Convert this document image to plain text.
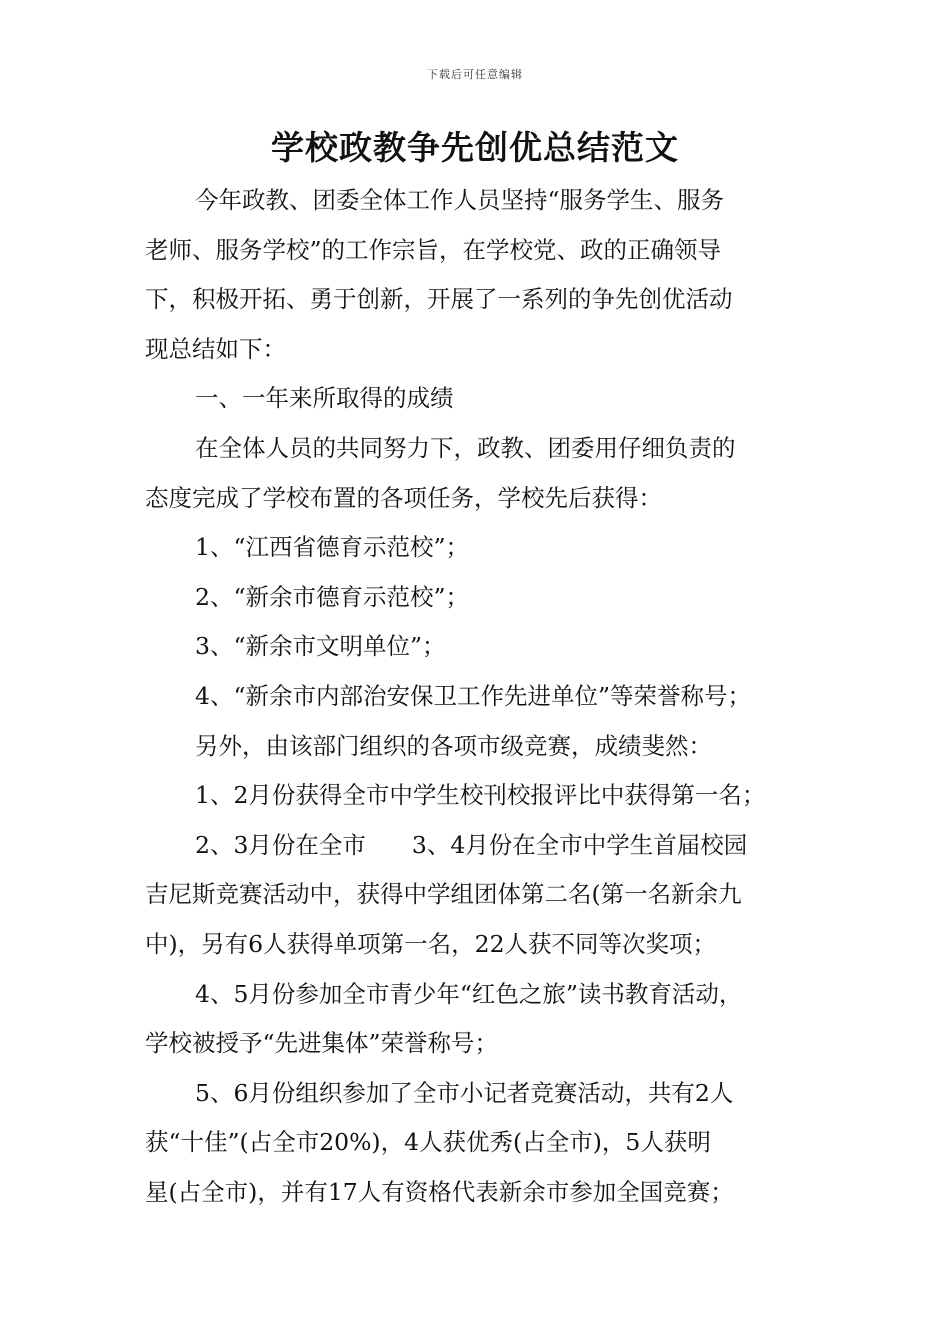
下载后可任意编辑
学校政教争先创优总结范文

今年政教、团委全体工作人员坚持“服务学生、服务

老师、服务学校”的工作宗旨，在学校党、政的正确领导

下，积极开拓、勇于创新，开展了一系列的争先创优活动

现总结如下：

一、一年来所取得的成绩

在全体人员的共同努力下，政教、团委用仔细负责的

态度完成了学校布置的各项任务，学校先后获得：

1、“江西省德育示范校”；

2、“新余市德育示范校”；

3、“新余市文明单位”；

4、“新余市内部治安保卫工作先进单位”等荣誉称号；

另外，由该部门组织的各项市级竞赛，成绩斐然：

1、2月份获得全市中学生校刊校报评比中获得第一名；

2、3月份在全市 3、4月份在全市中学生首届校园

吉尼斯竞赛活动中，获得中学组团体第二名(第一名新余九

中)，另有6人获得单项第一名，22人获不同等次奖项；

4、5月份参加全市青少年“红色之旅”读书教育活动，

学校被授予“先进集体”荣誉称号；

5、6月份组织参加了全市小记者竞赛活动，共有2人

获“十佳”(占全市20%)，4人获优秀(占全市)，5人获明

星(占全市)，并有17人有资格代表新余市参加全国竞赛；
